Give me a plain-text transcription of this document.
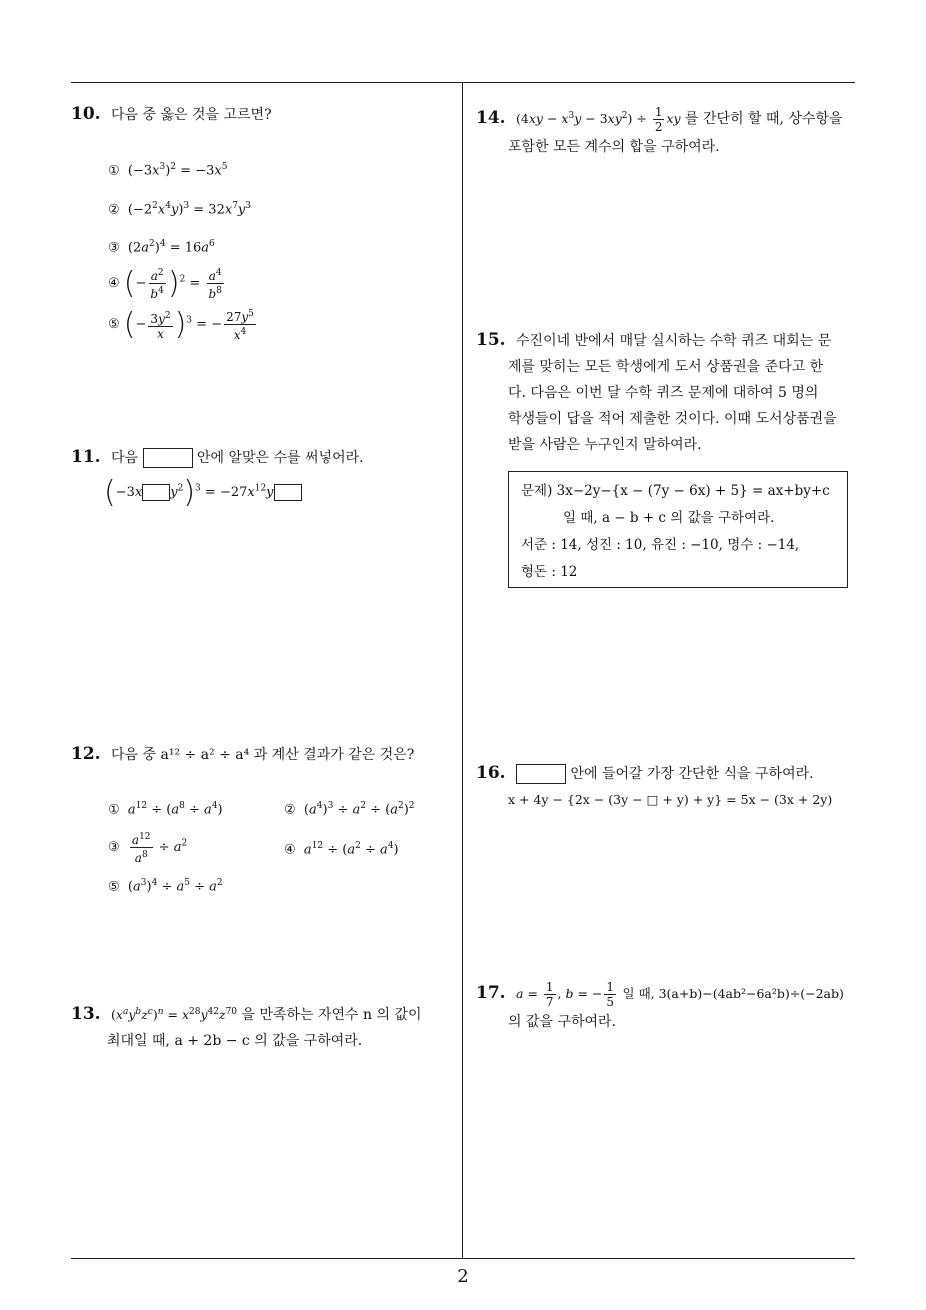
10. 다음 중 옳은 것을 고르면?
①  $(-3x^3)^2 = -3x^5$
②  $(-2^2x^4y)^3 = 32x^7y^3$
③  $(2a^2)^4 = 16a^6$
④ (− $\frac{a^2}{b^4} )^2 = \frac{a^4}{b^8}$
⑤ (− $\frac{3y^2}{x} )^3$ = − $\frac{27y^5}{x^4}$
11. 다음	안에 알맞은 수를 써넣어라.
(−3x $y^2)^3 = -27x^{12}y$
12. 다음 중 a¹² ÷ a² ÷ a⁴ 과 계산 결과가 같은 것은?
① $a^{12} \div (a^8 \div a^4)$	②  $(a^4)^3 \div a^2 \div (a^2)^2$
③ $\frac{a^{12}}{a^8} \div a^2$	④ $a^{12} \div (a^2 \div a^4)$
⑤  $(a^3)^4 \div a^5 \div a^2$
13. $(x^ay^bz^c)^n = x^{28}y^{42}z^{70}$ 을 만족하는 자연수 n 의 값이
최대일 때, a + 2b − c 의 값을 구하여라.
14. $(4xy - x^3y - 3xy^2) \div \frac{1}{2}$ xy 를 간단히 할 때, 상수항을
포함한 모든 계수의 합을 구하여라.
15. 수진이네 반에서 매달 실시하는 수학 퀴즈 대회는 문
제를 맞히는 모든 학생에게 도서 상품권을 준다고 한
다. 다음은 이번 달 수학 퀴즈 문제에 대하여 5 명의
학생들이 답을 적어 제출한 것이다. 이때 도서상품권을
받을 사람은 누구인지 말하여라.
문제) 3x−2y−{x − (7y − 6x) + 5} = ax+by+c
일 때, a − b + c 의 값을 구하여라.
서준 : 14, 성진 : 10, 유진 : −10, 명수 : −14,
형돈 : 12
16.	안에 들어갈 가장 간단한 식을 구하여라.
x + 4y − {2x − (3y − □ + y) + y} = 5x − (3x + 2y)
17. $a = \frac{1}{7}$ , b = − $\frac{1}{5}$ 일 때, 3(a+b)−(4ab²−6a²b)÷(−2ab)
의 값을 구하여라.
2
